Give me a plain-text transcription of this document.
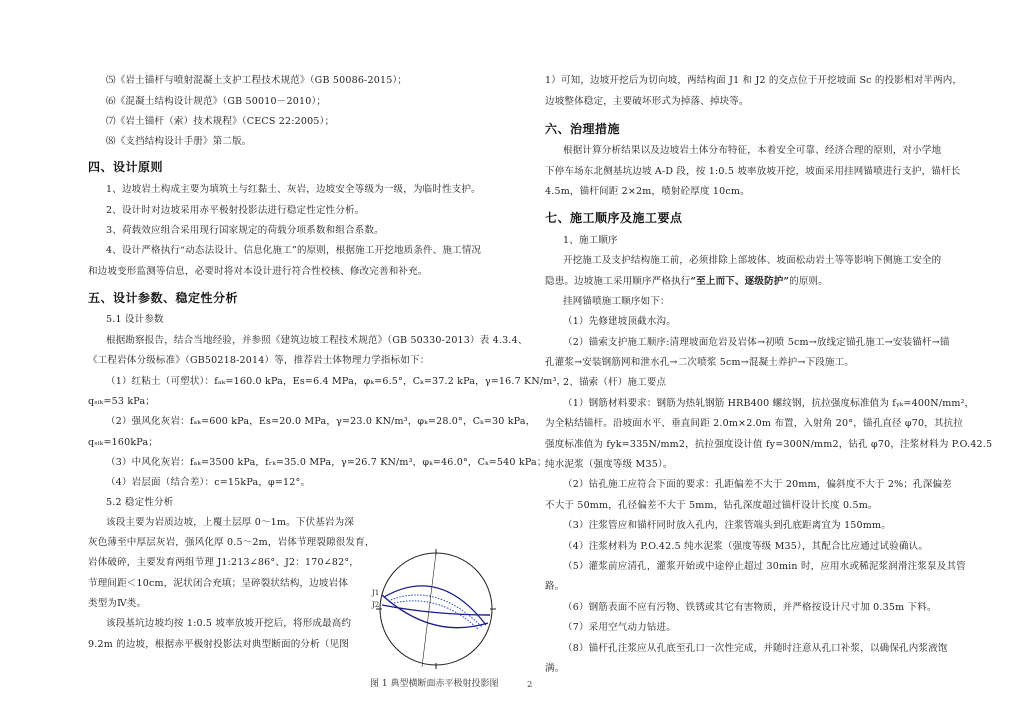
⑸《岩土锚杆与喷射混凝土支护工程技术规范》（GB 50086-2015）；
⑹《混凝土结构设计规范》（GB 50010－2010）；
⑺《岩土锚杆（索）技术规程》（CECS 22:2005）；
⑻《支挡结构设计手册》第二版。
四、设计原则
1、边坡岩土构成主要为填筑土与红黏土、灰岩，边坡安全等级为一级，为临时性支护。
2、设计时对边坡采用赤平极射投影法进行稳定性定性分析。
3、荷载效应组合采用现行国家规定的荷载分项系数和组合系数。
4、设计严格执行“动态法设计、信息化施工”的原则，根据施工开挖地质条件、施工情况
和边坡变形监测等信息，必要时将对本设计进行符合性校核、修改完善和补充。
五、设计参数、稳定性分析
5.1 设计参数
根据勘察报告，结合当地经验，并参照《建筑边坡工程技术规范》（GB 50330-2013）表 4.3.4、
《工程岩体分级标准》（GB50218-2014）等，推荐岩土体物理力学指标如下：
（1）红粘土（可塑状）：fₐₖ=160.0 kPa，Es=6.4 MPa，φₖ=6.5°，Cₖ=37.2 kPa，γ=16.7 KN/m³，
qₛᵢₖ=53 kPa；
（2）强风化灰岩：fₐₖ=600 kPa，Es=20.0 MPa，γ=23.0 KN/m³，φₖ=28.0°，Cₖ=30 kPa，
qₛᵢₖ=160kPa；
（3）中风化灰岩：fₐₖ=3500 kPa，fᵣₖ=35.0 MPa，γ=26.7 KN/m³，φₖ=46.0°，Cₖ=540 kPa；
（4）岩层面（结合差）：c=15kPa，φ=12°。
5.2 稳定性分析
该段主要为岩质边坡，上覆土层厚 0～1m。下伏基岩为深
灰色薄至中厚层灰岩，强风化厚 0.5～2m，岩体节理裂隙很发育，
岩体破碎，主要发育两组节理 J1:213∠86°、J2：170∠82°，
节理间距＜10cm，泥状闭合充填；呈碎裂状结构，边坡岩体
类型为Ⅳ类。
该段基坑边坡均按 1:0.5 坡率放坡开挖后，将形成最高约
9.2m 的边坡，根据赤平极射投影法对典型断面的分析（见图
J1
J2
图 1 典型横断面赤平极射投影图	2
1）可知，边坡开挖后为切向坡，两结构面 J1 和 J2 的交点位于开挖坡面 Sc 的投影相对半两内，
边坡整体稳定，主要破坏形式为掉落、掉块等。
六、治理措施
根据计算分析结果以及边坡岩土体分布特征，本着安全可靠、经济合理的原则，对小学地
下停车场东北侧基坑边坡 A-D 段，按 1:0.5 坡率放坡开挖，坡面采用挂网锚喷进行支护，锚杆长
4.5m，锚杆间距 2×2m，喷射砼厚度 10cm。
七、施工顺序及施工要点
1、施工顺序
开挖施工及支护结构施工前，必须排除上部坡体、坡面松动岩土等等影响下侧施工安全的
隐患。边坡施工采用顺序严格执行“至上而下、逐级防护”的原则。
挂网锚喷施工顺序如下：
（1）先修建坡顶截水沟。
（2）锚索支护施工顺序:清理坡面危岩及岩体→初喷 5cm→放线定锚孔施工→安装锚杆→锚
孔灌浆→安装钢筋网和泄水孔→二次喷浆 5cm→混凝土养护→下段施工。
2、锚索（杆）施工要点
（1）钢筋材料要求：钢筋为热轧钢筋 HRB400 螺纹钢，抗拉强度标准值为 fᵧₖ=400N/mm²，
为全粘结锚杆。沿坡面水平、垂直间距 2.0m×2.0m 布置，入射角 20°，锚孔直径 φ70，其抗拉
强度标准值为 fyk=335N/mm2，抗拉强度设计值 fy=300N/mm2，钻孔 φ70，注浆材料为 P.O.42.5
纯水泥浆（强度等级 M35）。
（2）钻孔施工应符合下面的要求：孔距偏差不大于 20mm，偏斜度不大于 2%；孔深偏差
不大于 50mm，孔径偏差不大于 5mm，钻孔深度超过锚杆设计长度 0.5m。
（3）注浆管应和锚杆同时放入孔内，注浆管端头到孔底距离宜为 150mm。
（4）注浆材料为 P.O.42.5 纯水泥浆（强度等级 M35），其配合比应通过试验确认。
（5）灌浆前应清孔，灌浆开始或中途停止超过 30min 时，应用水或稀泥浆润滑注浆泵及其管
路。
（6）钢筋表面不应有污物、铁锈或其它有害物质，并严格按设计尺寸加 0.35m 下料。
（7）采用空气动力钻进。
（8）锚杆孔注浆应从孔底至孔口一次性完成，并随时注意从孔口补浆，以确保孔内浆液饱
满。
